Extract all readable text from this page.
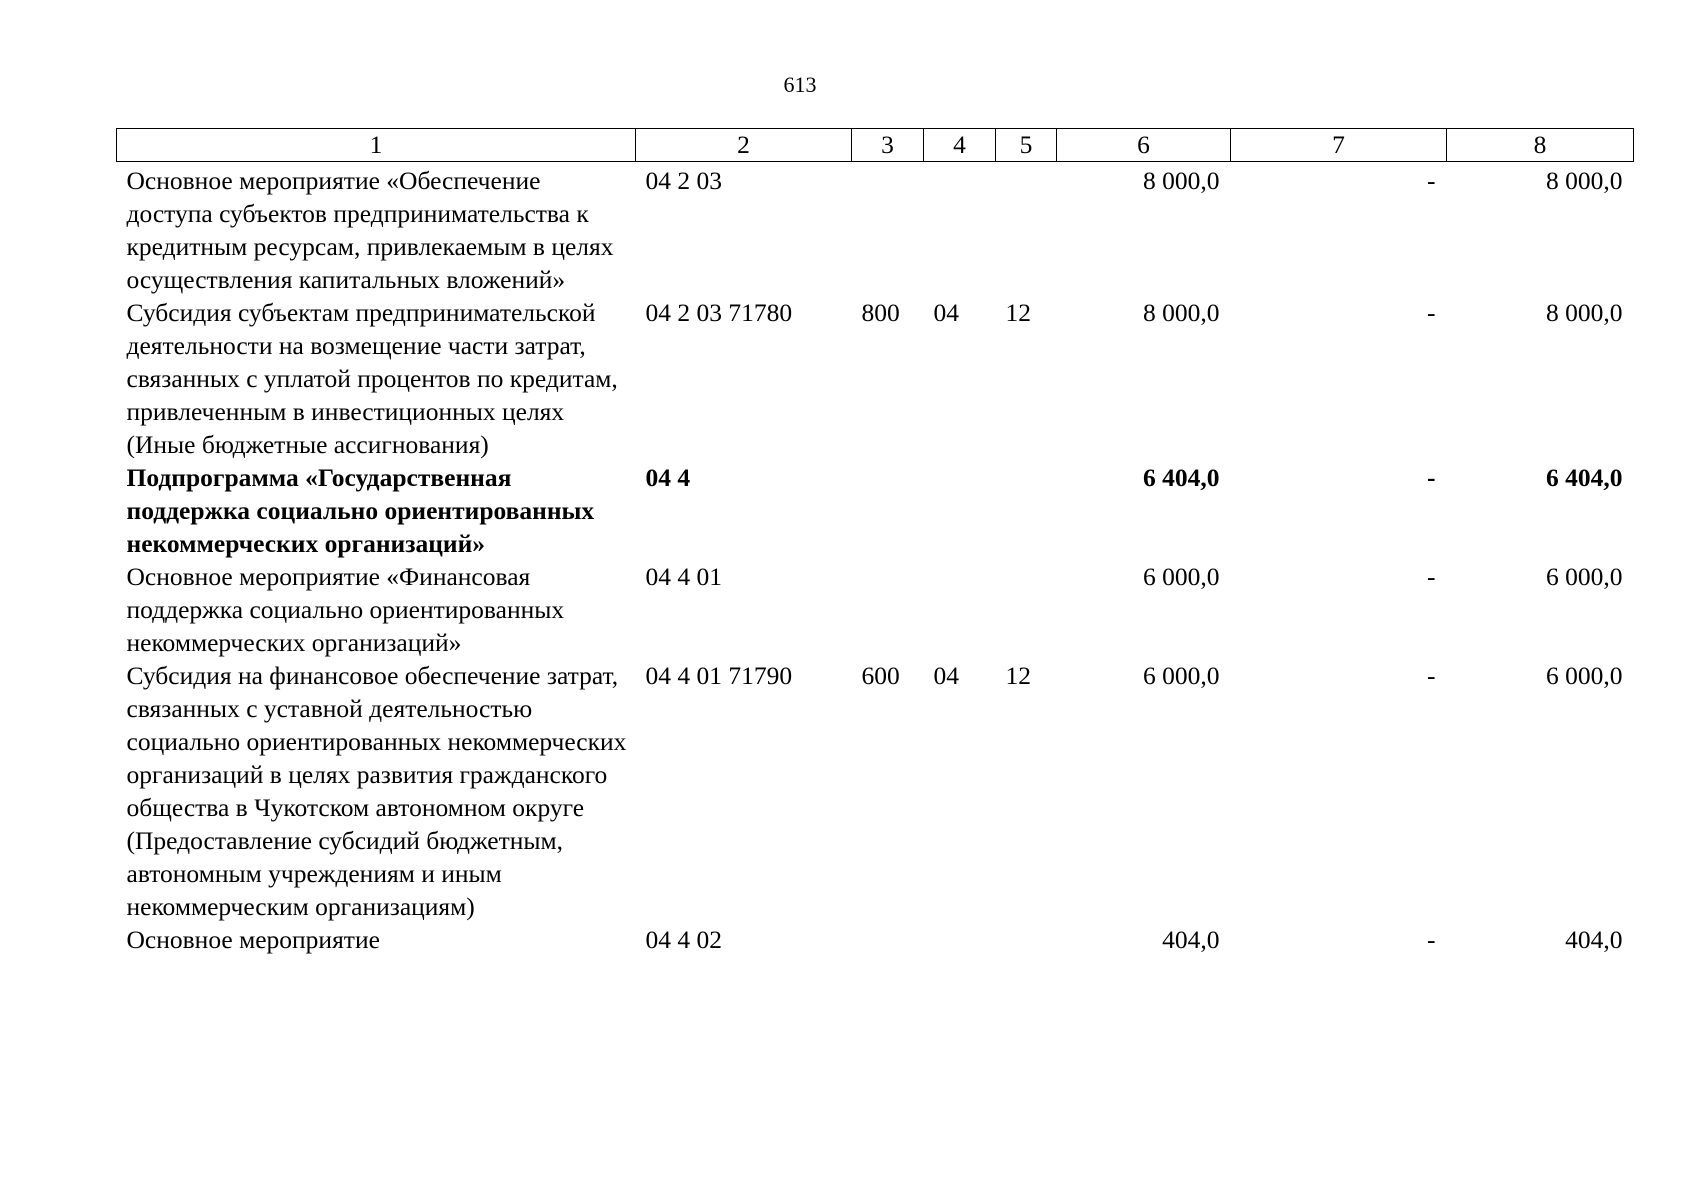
613
1	2	3	4	5	6	7	8
Основное мероприятие «Обеспечение доступа субъектов предпринимательства к кредитным ресурсам, привлекаемым в целях осуществления капитальных вложений»	04 2 03				8 000,0	-	8 000,0
Субсидия субъектам предпринимательской деятельности на возмещение части затрат, связанных с уплатой процентов по кредитам, привлеченным в инвестиционных целях (Иные бюджетные ассигнования)	04 2 03 71780	800	04	12	8 000,0	-	8 000,0
Подпрограмма «Государственная поддержка социально ориентированных некоммерческих организаций»	04 4				6 404,0	-	6 404,0
Основное мероприятие «Финансовая поддержка социально ориентированных некоммерческих организаций»	04 4 01				6 000,0	-	6 000,0
Субсидия на финансовое обеспечение затрат, связанных с уставной деятельностью социально ориентированных некоммерческих организаций в целях развития гражданского общества в Чукотском автономном округе (Предоставление субсидий бюджетным, автономным учреждениям и иным некоммерческим организациям)	04 4 01 71790	600	04	12	6 000,0	-	6 000,0
Основное мероприятие	04 4 02				404,0	-	404,0
